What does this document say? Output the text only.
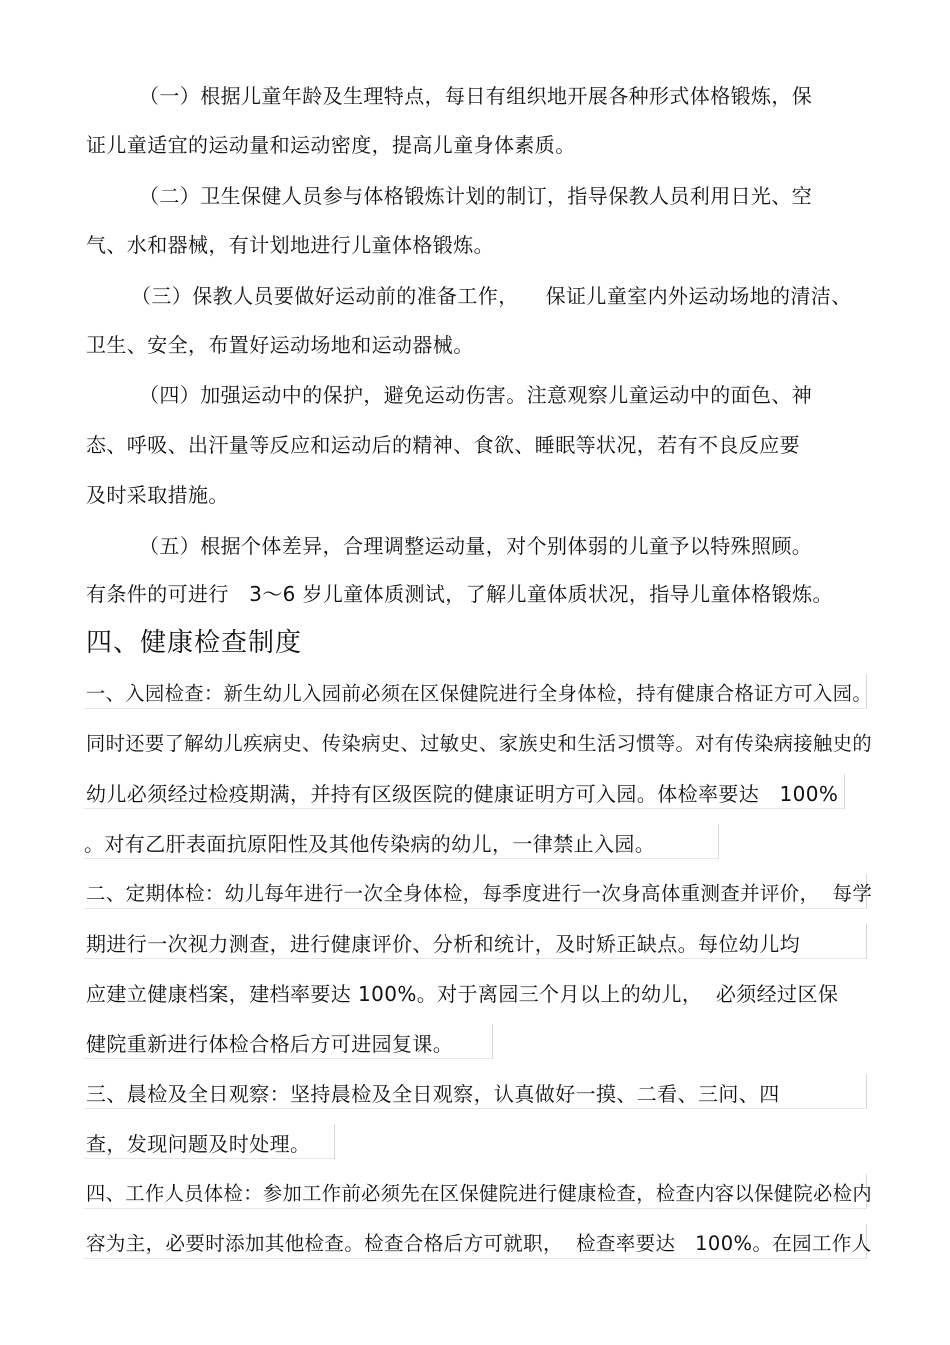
（一）根据儿童年龄及生理特点，每日有组织地开展各种形式体格锻炼，保
证儿童适宜的运动量和运动密度，提高儿童身体素质。
（二）卫生保健人员参与体格锻炼计划的制订，指导保教人员利用日光、空
气、水和器械，有计划地进行儿童体格锻炼。
（三）保教人员要做好运动前的准备工作，    保证儿童室内外运动场地的清洁、
卫生、安全，布置好运动场地和运动器械。
（四）加强运动中的保护，避免运动伤害。注意观察儿童运动中的面色、神
态、呼吸、出汗量等反应和运动后的精神、食欲、睡眠等状况，若有不良反应要
及时采取措施。
（五）根据个体差异，合理调整运动量，对个别体弱的儿童予以特殊照顾。
有条件的可进行   3～6 岁儿童体质测试，了解儿童体质状况，指导儿童体格锻炼。
四、健康检查制度
一、入园检查：新生幼儿入园前必须在区保健院进行全身体检，持有健康合格证方可入园。
同时还要了解幼儿疾病史、传染病史、过敏史、家族史和生活习惯等。对有传染病接触史的
幼儿必须经过检疫期满，并持有区级医院的健康证明方可入园。体检率要达   100%
。对有乙肝表面抗原阳性及其他传染病的幼儿，一律禁止入园。
二、定期体检：幼儿每年进行一次全身体检，每季度进行一次身高体重测查并评价，  每学
期进行一次视力测查，进行健康评价、分析和统计，及时矫正缺点。每位幼儿均
应建立健康档案，建档率要达 100%。对于离园三个月以上的幼儿，  必须经过区保
健院重新进行体检合格后方可进园复课。
三、晨检及全日观察：坚持晨检及全日观察，认真做好一摸、二看、三问、四
查，发现问题及时处理。
四、工作人员体检：参加工作前必须先在区保健院进行健康检查，检查内容以保健院必检内
容为主，必要时添加其他检查。检查合格后方可就职，  检查率要达   100%。在园工作人
